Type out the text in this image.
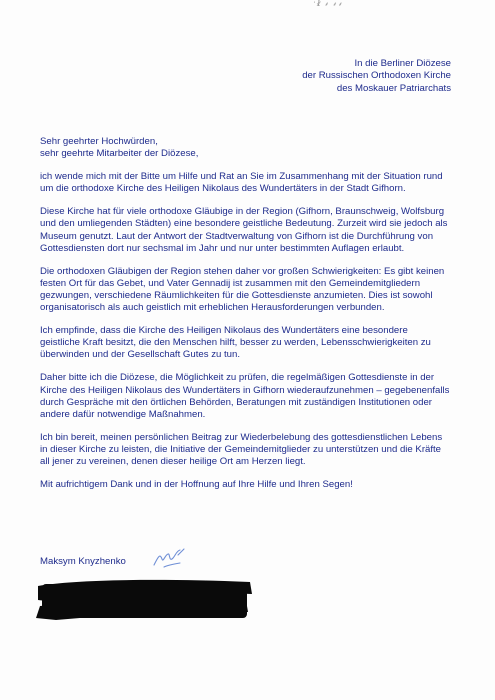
'☧ ⸙ ⸙⸙
In die Berliner Diözese
der Russischen Orthodoxen Kirche
des Moskauer Patriarchats
Sehr geehrter Hochwürden,
sehr geehrte Mitarbeiter der Diözese,

ich wende mich mit der Bitte um Hilfe und Rat an Sie im Zusammenhang mit der Situation rund um die orthodoxe Kirche des Heiligen Nikolaus des Wundertäters in der Stadt Gifhorn.

Diese Kirche hat für viele orthodoxe Gläubige in der Region (Gifhorn, Braunschweig, Wolfsburg und den umliegenden Städten) eine besondere geistliche Bedeutung. Zurzeit wird sie jedoch als Museum genutzt. Laut der Antwort der Stadtverwaltung von Gifhorn ist die Durchführung von Gottesdiensten dort nur sechsmal im Jahr und nur unter bestimmten Auflagen erlaubt.

Die orthodoxen Gläubigen der Region stehen daher vor großen Schwierigkeiten: Es gibt keinen festen Ort für das Gebet, und Vater Gennadij ist zusammen mit den Gemeindemitgliedern gezwungen, verschiedene Räumlichkeiten für die Gottesdienste anzumieten. Dies ist sowohl organisatorisch als auch geistlich mit erheblichen Herausforderungen verbunden.

Ich empfinde, dass die Kirche des Heiligen Nikolaus des Wundertäters eine besondere geistliche Kraft besitzt, die den Menschen hilft, besser zu werden, Lebensschwierigkeiten zu überwinden und der Gesellschaft Gutes zu tun.

Daher bitte ich die Diözese, die Möglichkeit zu prüfen, die regelmäßigen Gottesdienste in der Kirche des Heiligen Nikolaus des Wundertäters in Gifhorn wiederaufzunehmen – gegebenenfalls durch Gespräche mit den örtlichen Behörden, Beratungen mit zuständigen Institutionen oder andere dafür notwendige Maßnahmen.

Ich bin bereit, meinen persönlichen Beitrag zur Wiederbelebung des gottesdienstlichen Lebens in dieser Kirche zu leisten, die Initiative der Gemeindemitglieder zu unterstützen und die Kräfte all jener zu vereinen, denen dieser heilige Ort am Herzen liegt.

Mit aufrichtigem Dank und in der Hoffnung auf Ihre Hilfe und Ihren Segen!

Maksym Knyzhenko
